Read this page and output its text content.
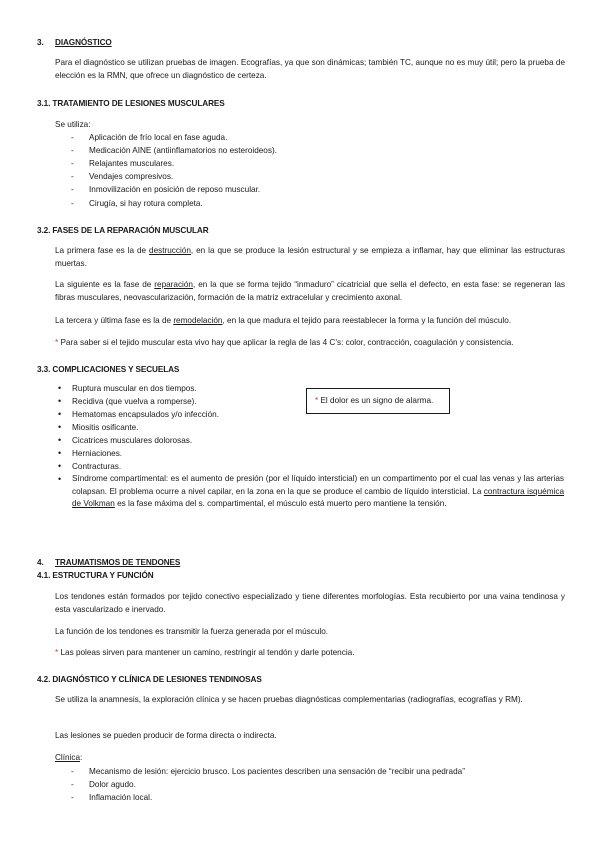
3. DIAGNÓSTICO
Para el diagnóstico se utilizan pruebas de imagen. Ecografías, ya que son dinámicas; también TC, aunque no es muy útil; pero la prueba de elección es la RMN, que ofrece un diagnóstico de certeza.
3.1. TRATAMIENTO DE LESIONES MUSCULARES
Se utiliza:
- Aplicación de frío local en fase aguda.
- Medicación AINE (antiinflamatorios no esteroideos).
- Relajantes musculares.
- Vendajes compresivos.
- Inmovilización en posición de reposo muscular.
- Cirugía, si hay rotura completa.
3.2. FASES DE LA REPARACIÓN MUSCULAR
La primera fase es la de destrucción, en la que se produce la lesión estructural y se empieza a inflamar, hay que eliminar las estructuras muertas.
La siguiente es la fase de reparación, en la que se forma tejido “inmaduro” cicatricial que sella el defecto, en esta fase: se regeneran las fibras musculares, neovascularización, formación de la matriz extracelular y crecimiento axonal.
La tercera y última fase es la de remodelación, en la que madura el tejido para reestablecer la forma y la función del músculo.
* Para saber si el tejido muscular esta vivo hay que aplicar la regla de las 4 C’s: color, contracción, coagulación y consistencia.
3.3. COMPLICACIONES Y SECUELAS
• Ruptura muscular en dos tiempos.
• Recidiva (que vuelva a romperse).
• Hematomas encapsulados y/o infección.
• Miositis osificante.
• Cicatrices musculares dolorosas.
• Herniaciones.
• Contracturas.
• Síndrome compartimental: es el aumento de presión (por el líquido intersticial) en un compartimento por el cual las venas y las arterias colapsan. El problema ocurre a nivel capilar, en la zona en la que se produce el cambio de líquido intersticial. La contractura isquémica de Volkman es la fase máxima del s. compartimental, el músculo está muerto pero mantiene la tensión.
* El dolor es un signo de alarma.
4. TRAUMATISMOS DE TENDONES
4.1. ESTRUCTURA Y FUNCIÓN
Los tendones están formados por tejido conectivo especializado y tiene diferentes morfologías. Esta recubierto por una vaina tendinosa y esta vascularizado e inervado.
La función de los tendones es transmitir la fuerza generada por el músculo.
* Las poleas sirven para mantener un camino, restringir al tendón y darle potencia.
4.2. DIAGNÓSTICO Y CLÍNICA DE LESIONES TENDINOSAS
Se utiliza la anamnesis, la exploración clínica y se hacen pruebas diagnósticas complementarias (radiografías, ecografías y RM).
Las lesiones se pueden producir de forma directa o indirecta.
Clínica:
- Mecanismo de lesión: ejercicio brusco. Los pacientes describen una sensación de “recibir una pedrada”
- Dolor agudo.
- Inflamación local.
